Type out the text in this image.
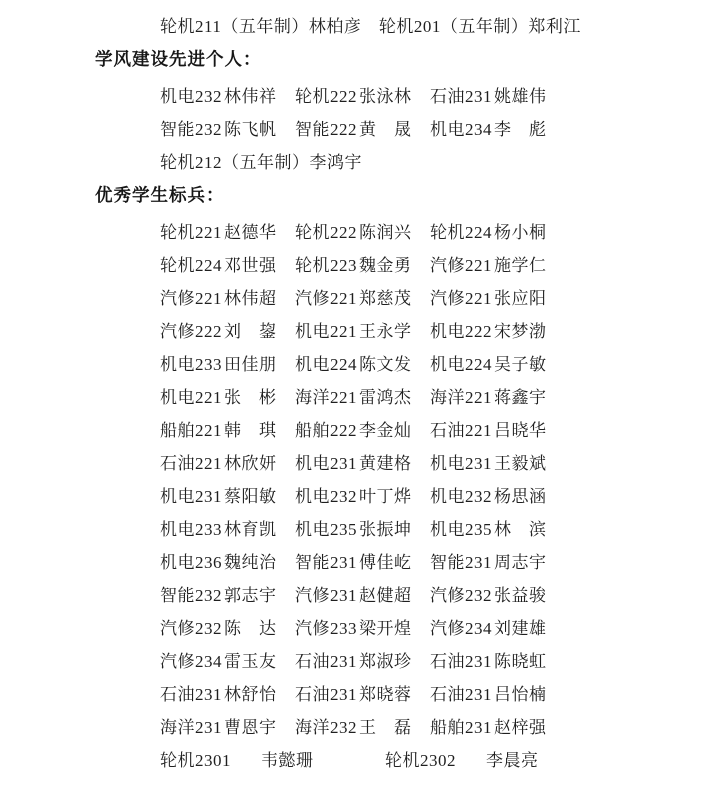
轮机211（五年制）林柏彦　轮机201（五年制）郑利江

学风建设先进个人：

机电232 林伟祥	轮机222 张泳林	石油231 姚雄伟

智能232 陈飞帆	智能222 黄　晟	机电234 李　彪

轮机212（五年制）李鸿宇

优秀学生标兵：

轮机221 赵德华	轮机222 陈润兴	轮机224 杨小桐

轮机224 邓世强	轮机223 魏金勇	汽修221 施学仁

汽修221 林伟超	汽修221 郑慈茂	汽修221 张应阳

汽修222 刘　鋆	机电221 王永学	机电222 宋梦渤

机电233 田佳朋	机电224 陈文发	机电224 吴子敏

机电221 张　彬	海洋221 雷鸿杰	海洋221 蒋鑫宇

船舶221 韩　琪	船舶222 李金灿	石油221 吕晓华

石油221 林欣妍	机电231 黄建格	机电231 王毅斌

机电231 蔡阳敏	机电232 叶丁烨	机电232 杨思涵

机电233 林育凯	机电235 张振坤	机电235 林　滨

机电236 魏纯治	智能231 傅佳屹	智能231 周志宇

智能232 郭志宇	汽修231 赵健超	汽修232 张益骏

汽修232 陈　达	汽修233 梁开煌	汽修234 刘建雄

汽修234 雷玉友	石油231 郑淑珍	石油231 陈晓虹

石油231 林舒怡	石油231 郑晓蓉	石油231 吕怡楠

海洋231 曹恩宇	海洋232 王　磊	船舶231 赵梓强

轮机2301	韦懿珊	轮机2302	李晨亮
